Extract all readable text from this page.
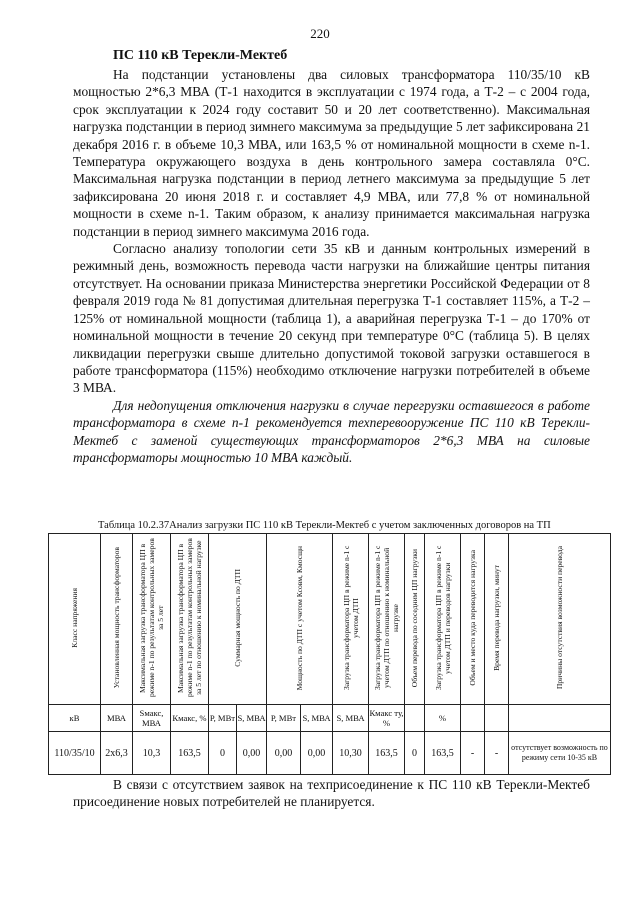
220
ПС 110 кВ Терекли-Мектеб

На подстанции установлены два силовых трансформатора 110/35/10 кВ мощностью 2*6,3 МВА (Т-1 находится в эксплуатации с 1974 года, а Т-2 – с 2004 года, срок эксплуатации к 2024 году составит 50 и 20 лет соответственно). Максимальная нагрузка подстанции в период зимнего максимума за предыдущие 5 лет зафиксирована 21 декабря 2016 г. в объеме 10,3 МВА, или 163,5 % от номинальной мощности в схеме n-1. Температура окружающего воздуха в день контрольного замера составляла 0°С. Максимальная нагрузка подстанции в период летнего максимума за предыдущие 5 лет зафиксирована 20 июня 2018 г. и составляет 4,9 МВА, или 77,8 % от номинальной мощности в схеме n-1. Таким образом, к анализу принимается максимальная нагрузка подстанции в период зимнего максимума 2016 года.

Согласно анализу топологии сети 35 кВ и данным контрольных измерений в режимный день, возможность перевода части нагрузки на ближайшие центры питания отсутствует. На основании приказа Министерства энергетики Российской Федерации от 8 февраля 2019 года № 81 допустимая длительная перегрузка Т-1 составляет 115%, а Т-2 – 125% от номинальной мощности (таблица 1), а аварийная перегрузка Т-1 – до 170% от номинальной мощности в течение 20 секунд при температуре 0°С (таблица 5). В целях ликвидации перегрузки свыше длительно допустимой токовой загрузки оставшегося в работе трансформатора (115%) необходимо отключение нагрузки потребителей в объеме 3 МВА.

Для недопущения отключения нагрузки в случае перегрузки оставшегося в работе трансформатора в схеме n-1 рекомендуется техперевооружение ПС 110 кВ Терекли-Мектеб с заменой существующих трансформаторов 2*6,3 МВА на силовые трансформаторы мощностью 10 МВА каждый.

Таблица 10.2.37Анализ загрузки ПС 110 кВ Терекли-Мектеб с учетом заключенных договоров на ТП
Класс напряжения	Установленная мощность трансформаторов	Максимальная загрузка трансформатора ЦП в режиме n-1 по результатам контрольных замеров за 5 лет	Максимальная загрузка трансформатора ЦП в режиме n-1 по результатам контрольных замеров за 5 лет по отношению к номинальной нагрузке	Суммарная мощность по ДТП		Мощность по ДТП с учетом Ксовм, Кмосщн		Загрузка трансформатора ЦП в режиме n-1 с учетом ДТП	Загрузка трансформатора ЦП в режиме n-1 с учетом ДТП по отношению к номинальной нагрузке	Объем перевода по соседним ЦП нагрузки	Загрузка трансформатора ЦП в режиме n-1 с учетом ДТП и переводов нагрузки	Объем и место куда переводится нагрузка	Время перевода нагрузки, минут	Причины отсутствия возможности перевода
кВ	МВА	Sмакс, МВА	Кмакс, %	Р, МВт	S, МВА	Р, МВт	S, МВА	S, МВА	Кмакс ту, %		%			
110/35/10	2х6,3	10,3	163,5	0	0,00	0,00	0,00	10,30	163,5	0	163,5	-	-	отсутствует возможность по режиму сети 10-35 кВ

В связи с отсутствием заявок на техприсоединение к ПС 110 кВ Терекли-Мектеб присоединение новых потребителей не планируется.
